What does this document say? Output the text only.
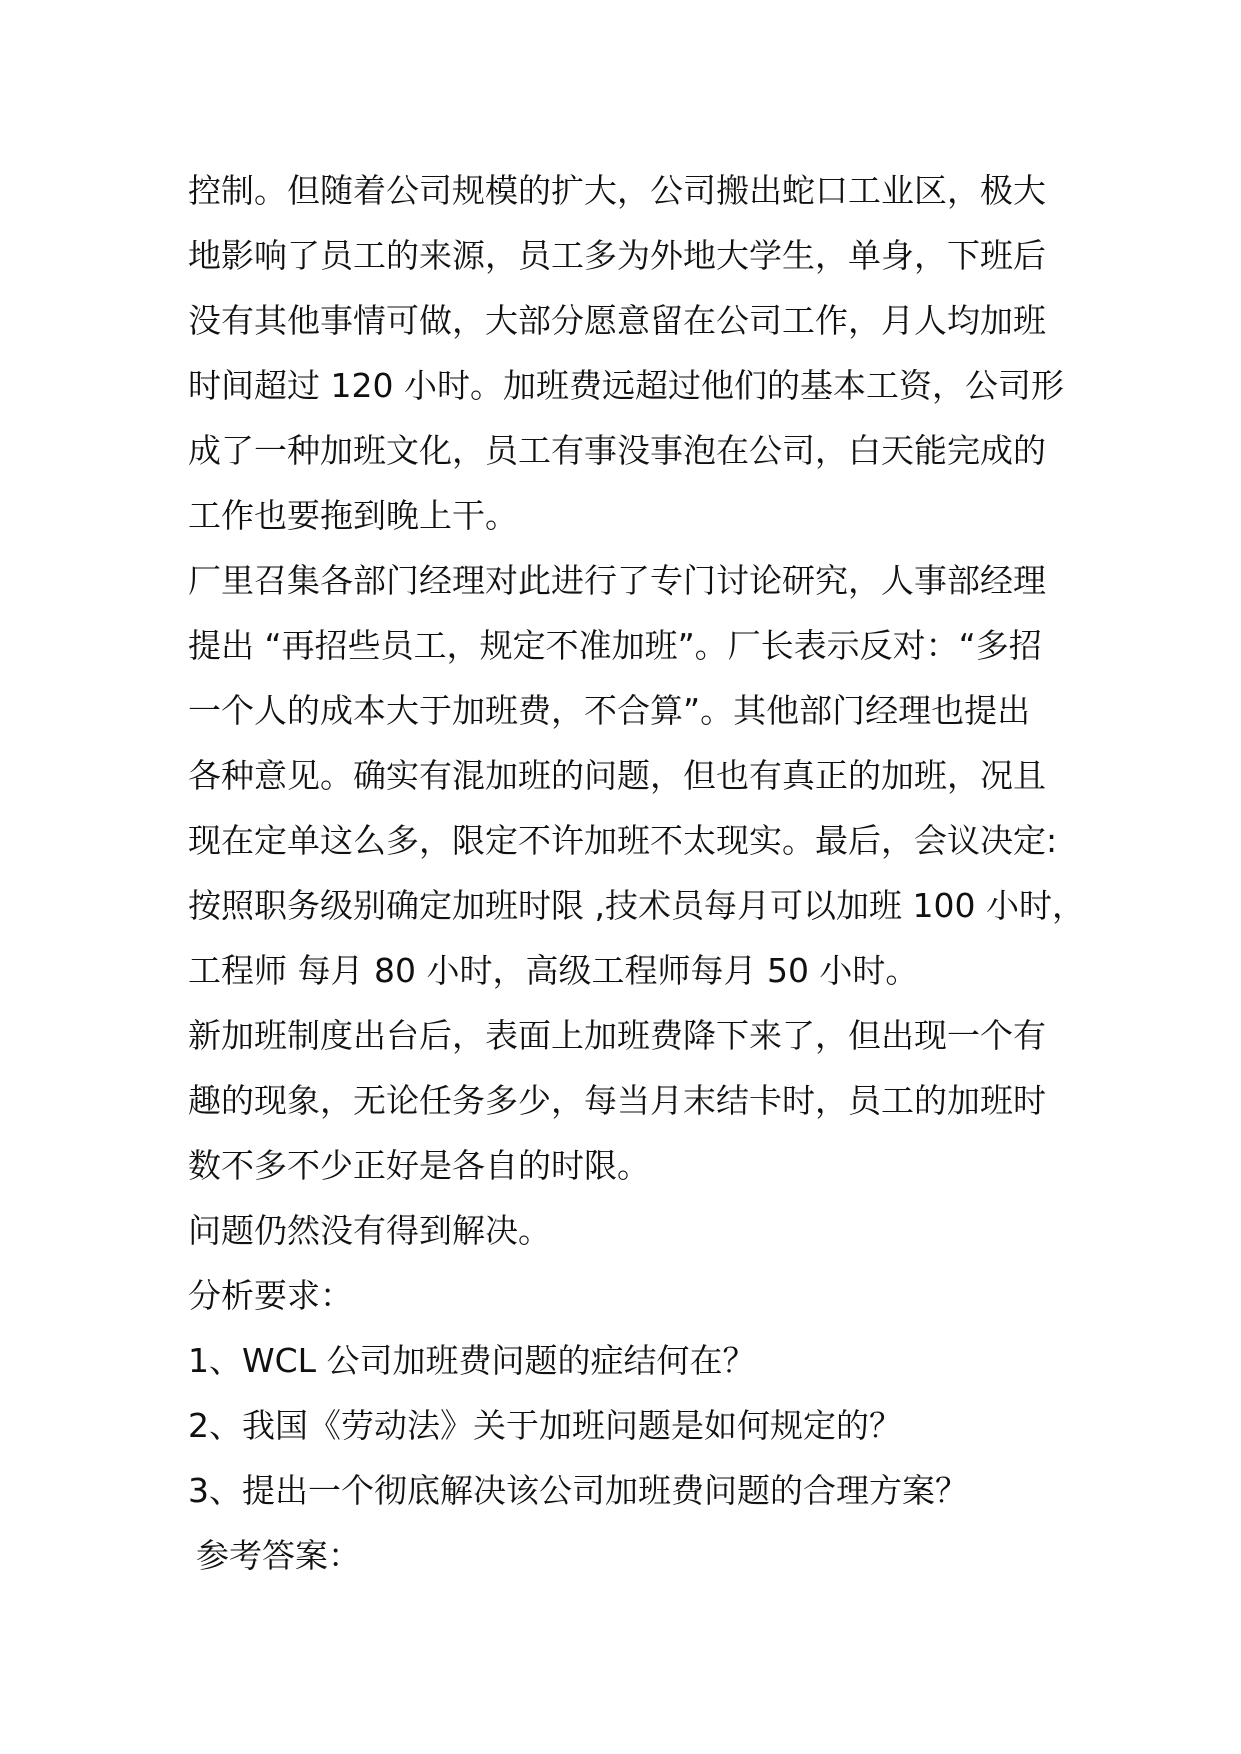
控制。但随着公司规模的扩大，公司搬出蛇口工业区，极大
地影响了员工的来源，员工多为外地大学生，单身，下班后
没有其他事情可做，大部分愿意留在公司工作，月人均加班
时间超过 120 小时。加班费远超过他们的基本工资，公司形
成了一种加班文化，员工有事没事泡在公司，白天能完成的
工作也要拖到晚上干。
厂里召集各部门经理对此进行了专门讨论研究，人事部经理
提出 “再招些员工，规定不准加班”。厂长表示反对：“多招
一个人的成本大于加班费，不合算”。其他部门经理也提出
各种意见。确实有混加班的问题，但也有真正的加班，况且
现在定单这么多，限定不许加班不太现实。最后，会议决定:
按照职务级别确定加班时限 ,技术员每月可以加班 100 小时，
工程师 每月 80 小时，高级工程师每月 50 小时。
新加班制度出台后，表面上加班费降下来了，但出现一个有
趣的现象，无论任务多少，每当月末结卡时，员工的加班时
数不多不少正好是各自的时限。
问题仍然没有得到解决。
分析要求：
1、WCL 公司加班费问题的症结何在？
2、我国《劳动法》关于加班问题是如何规定的？
3、提出一个彻底解决该公司加班费问题的合理方案？
参考答案：
